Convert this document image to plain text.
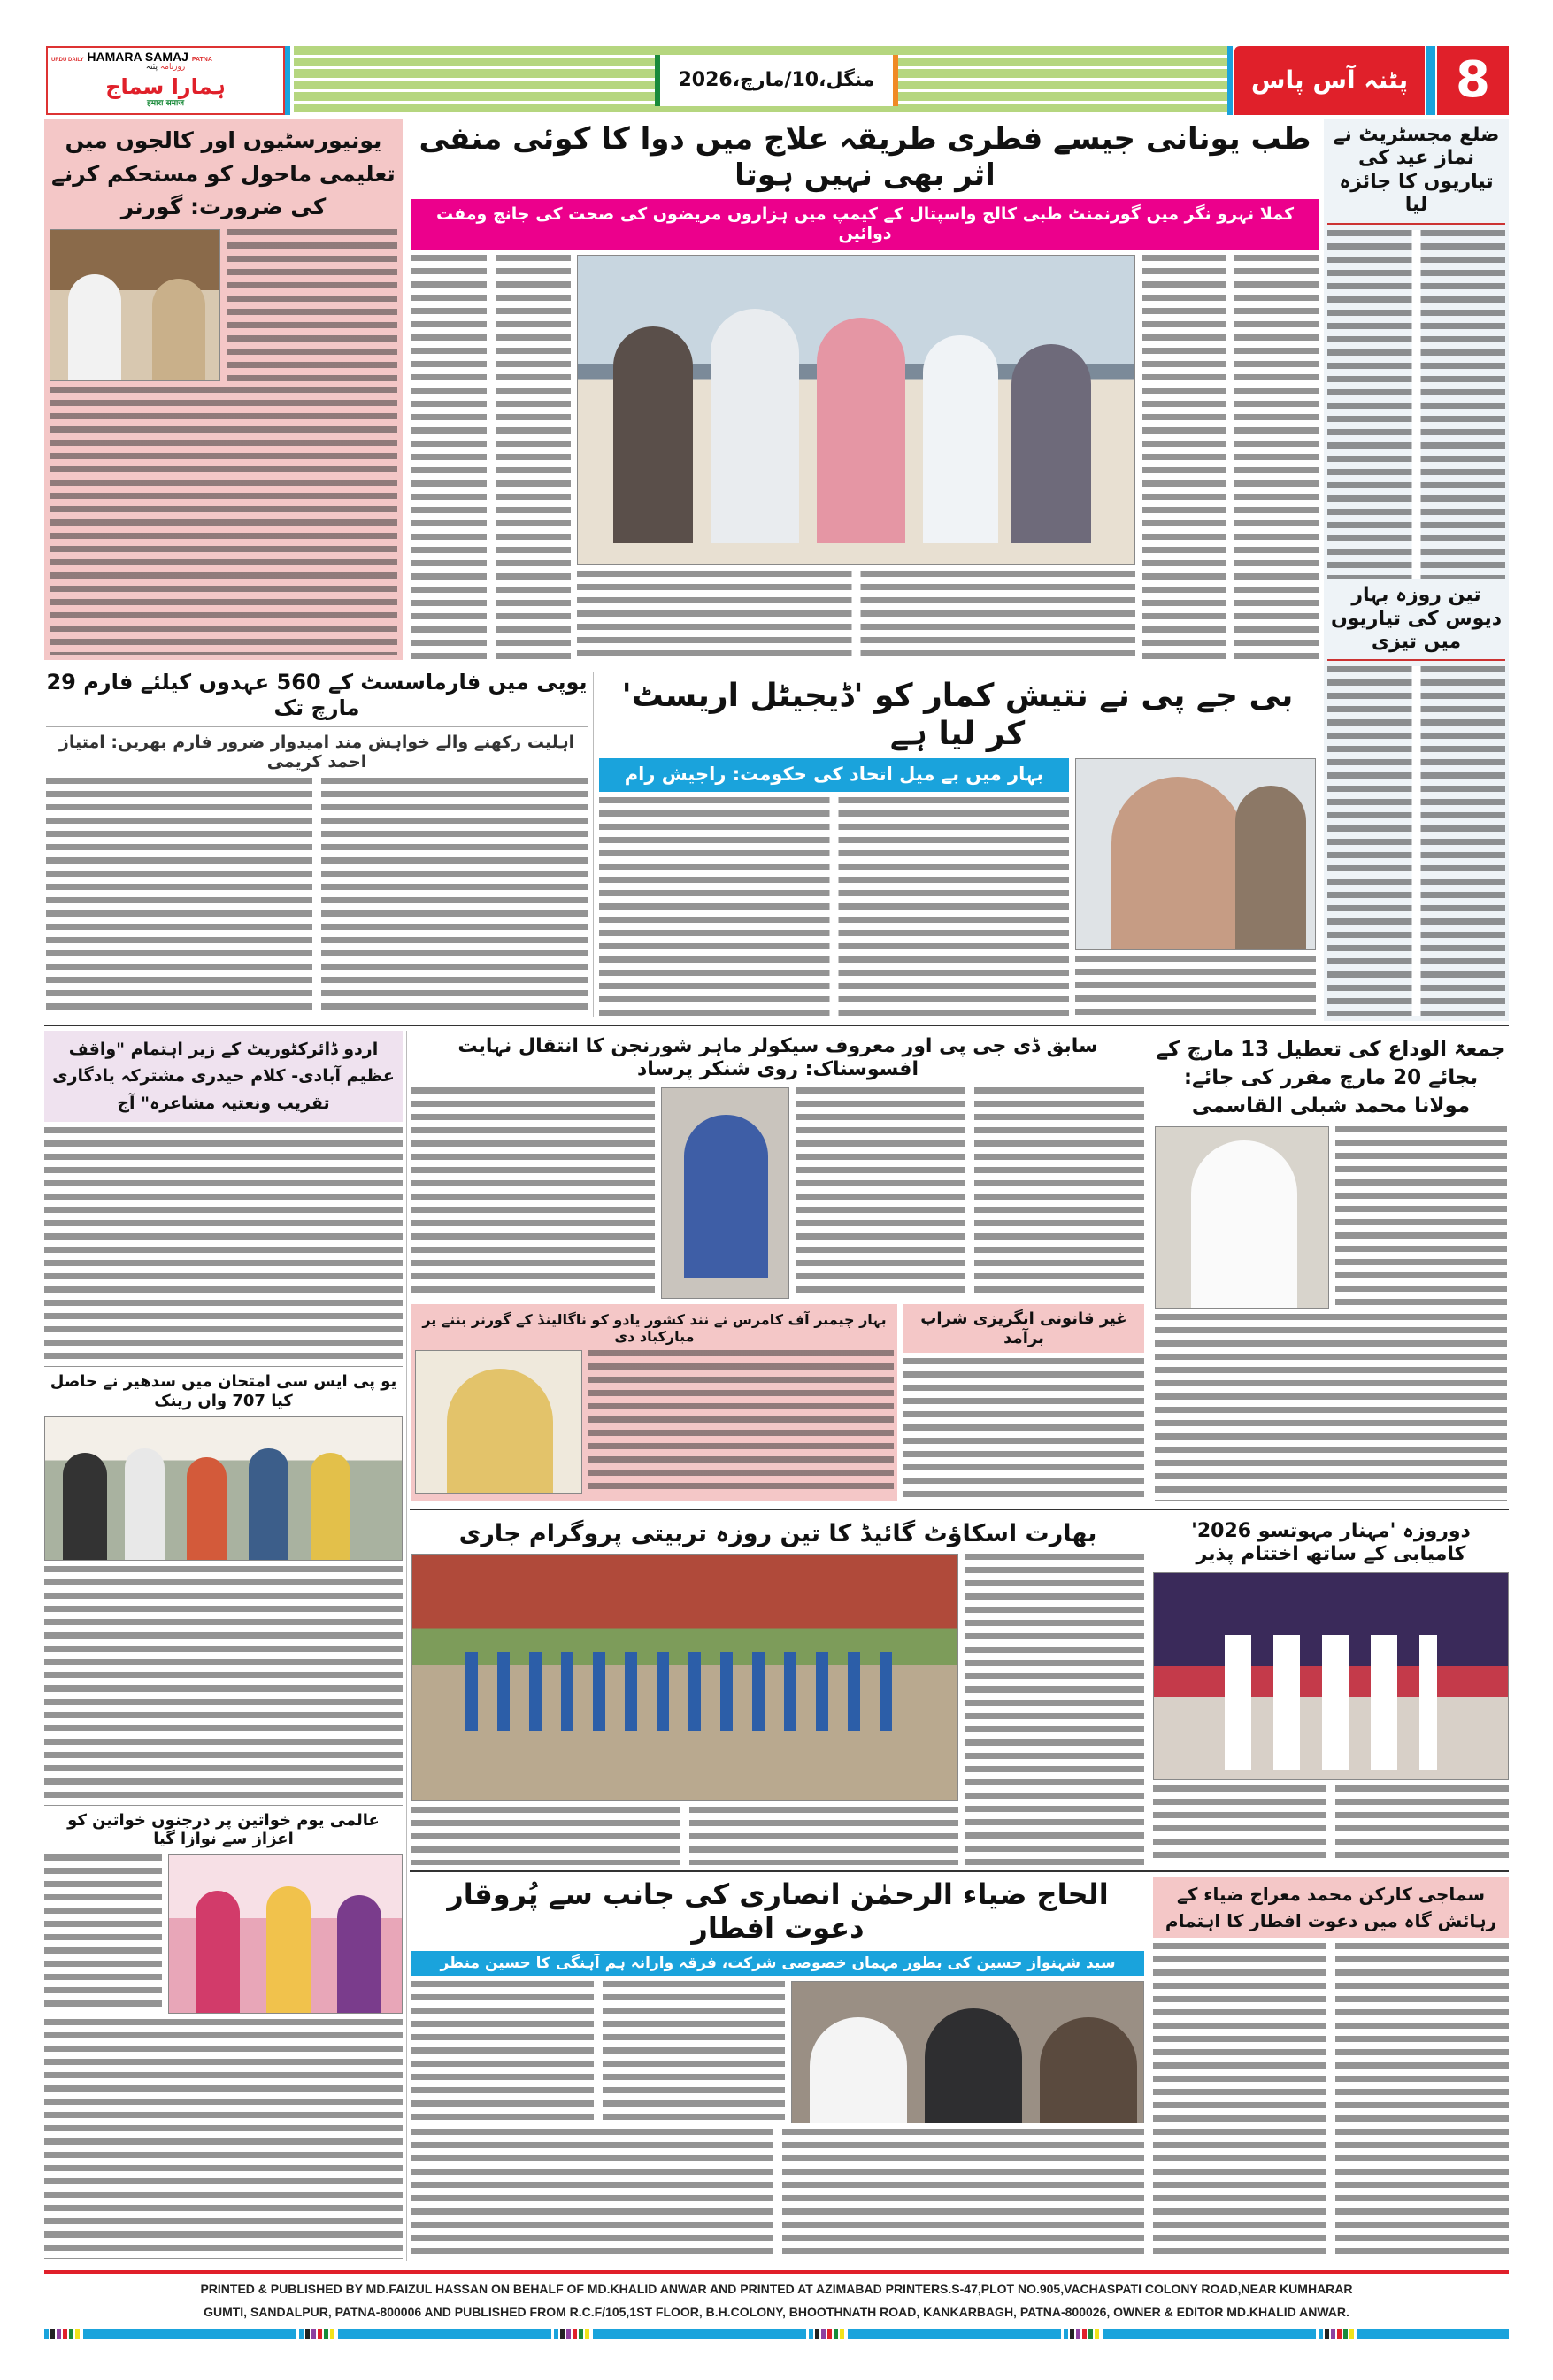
URDU DAILY HAMARA SAMAJ PATNA
روزنامہ پٹنہ
ہمارا سماج
हमारा समाज
منگل،10/مارچ،2026	پٹنہ آس پاس 8
ضلع مجسٹریٹ نے نماز عید کی تیاریوں کا جائزہ لیا
تین روزہ بہار دیوس کی تیاریوں میں تیزی
طب یونانی جیسے فطری طریقہ علاج میں دوا کا کوئی منفی اثر بھی نہیں ہوتا
کملا نہرو نگر میں گورنمنٹ طبی کالج واسپتال کے کیمپ میں ہزاروں مریضوں کی صحت کی جانچ ومفت دوائیں
یونیورسٹیوں اور کالجوں میں تعلیمی ماحول کو مستحکم کرنے کی ضرورت: گورنر
یوپی میں فارماسسٹ کے 560 عہدوں کیلئے فارم 29 مارچ تک
اہلیت رکھنے والے خواہش مند امیدوار ضرور فارم بھریں: امتیاز احمد کریمی
بی جے پی نے نتیش کمار کو 'ڈیجیٹل اریسٹ' کر لیا ہے
بہار میں بے میل اتحاد کی حکومت: راجیش رام
اردو ڈائرکٹوریٹ کے زیر اہتمام "واقف عظیم آبادی- کلام حیدری مشترکہ یادگاری تقریب ونعتیہ مشاعرہ" آج
یو پی ایس سی امتحان میں سدھیر نے حاصل کیا 707 واں رینک
عالمی یوم خواتین پر درجنوں خواتین کو اعزاز سے نوازا گیا
سابق ڈی جی پی اور معروف سیکولر ماہر شورنجن کا انتقال نہایت افسوسناک: روی شنکر پرساد
بہار چیمبر آف کامرس نے نند کشور یادو کو ناگالینڈ کے گورنر بننے پر مبارکباد دی
غیر قانونی انگریزی شراب برآمد
جمعۃ الوداع کی تعطیل 13 مارچ کے بجائے 20 مارچ مقرر کی جائے: مولانا محمد شبلی القاسمی
بھارت اسکاؤٹ گائیڈ کا تین روزہ تربیتی پروگرام جاری	دوروزہ 'مہنار مہوتسو 2026' کامیابی کے ساتھ اختتام پذیر
الحاج ضیاء الرحمٰن انصاری کی جانب سے پُروقار دعوت افطار
سید شہنواز حسین کی بطور مہمان خصوصی شرکت، فرقہ وارانہ ہم آہنگی کا حسین منظر
سماجی کارکن محمد معراج ضیاء کے رہائش گاہ میں دعوت افطار کا اہتمام
PRINTED & PUBLISHED BY MD.FAIZUL HASSAN ON BEHALF OF MD.KHALID ANWAR AND PRINTED AT AZIMABAD PRINTERS.S-47,PLOT NO.905,VACHASPATI COLONY ROAD,NEAR KUMHARAR
GUMTI, SANDALPUR, PATNA-800006 AND PUBLISHED FROM R.C.F/105,1ST FLOOR, B.H.COLONY, BHOOTHNATH ROAD, KANKARBAGH, PATNA-800026, OWNER & EDITOR MD.KHALID ANWAR.
